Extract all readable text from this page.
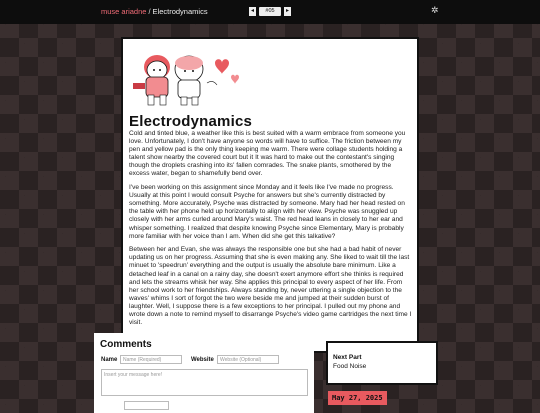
muse ariadne / Electrodynamics	◂	#05	▸	✲
Electrodynamics

Cold and tinted blue, a weather like this is best suited with a warm embrace from someone you love. Unfortunately, I don't have anyone so words will have to suffice. The friction between my pen and yellow pad is the only thing keeping me warm. There were collage students holding a talent show nearby the covered court but it It was hard to make out the contestant's singing though the droplets crashing into its' fallen comrades. The snake plants, smothered by the excess water, began to shamefully bend over.

I've been working on this assignment since Monday and it feels like I've made no progress. Usually at this point I would consult Psyche for answers but she's currently distracted by something. More accurately, Psyche was distracted by someone. Mary had her head rested on the table with her phone held up horizontally to align with her view. Psyche was snuggled up closely with her arms curled around Mary's waist. The red head leans in closely to her ear and whisper something. I realized that despite knowing Psyche since Elementary, Mary is probably more familiar with her voice than I am. When did she get this talkative?

Between her and Evan, she was always the responsible one but she had a bad habit of never updating us on her progress. Assuming that she is even making any. She liked to wait till the last minuet to 'speedrun' everything and the output is usually the absolute bare minimum. Like a detached leaf in a canal on a rainy day, she doesn't exert anymore effort she thinks is required and lets the streams whisk her way. She applies this principal to every aspect of her life. From her school work to her friendships. Always standing by, never uttering a single objection to the waves' whims I sort of forgot the two were beside me and jumped at their sudden burst of laughter. Well, I suppose there is a few exceptions to her principal. I pulled out my phone and wrote down a note to remind myself to disarrange Psyche's video game cartridges the next time I visit.

Comments
Name	Name (Required)	Website	Website (Optional)
Insert your message here!
Next Part
Food Noise
May 27, 2025
